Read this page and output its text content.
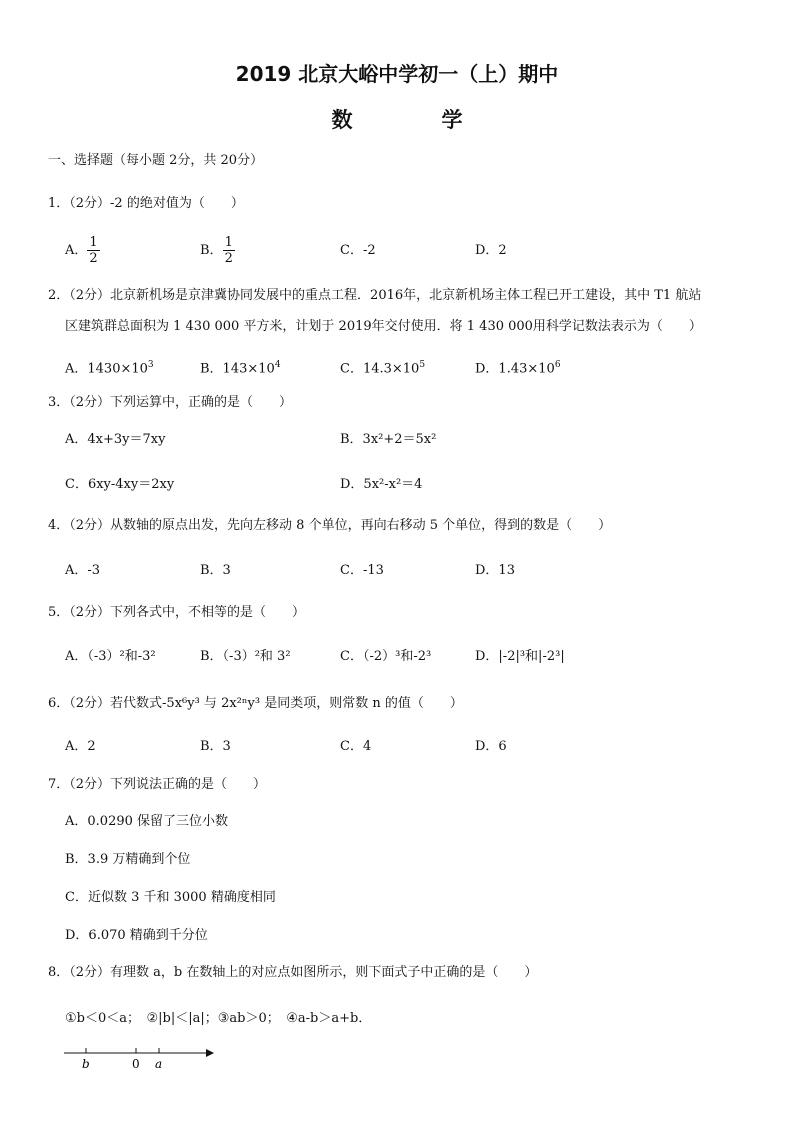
2019 北京大峪中学初一（上）期中
数　学
一、选择题（每小题 2分，共 20分）
1．（2分）-2 的绝对值为（　　）
A． $\frac{1}{2}$	B． $\frac{1}{2}$	C．-2	D．2
2．（2分）北京新机场是京津冀协同发展中的重点工程．2016年，北京新机场主体工程已开工建设，其中 T1 航站
区建筑群总面积为 1 430 000 平方米，计划于 2019年交付使用．将 1 430 000用科学记数法表示为（　　）
A．$1430\times 10^3$	B．$143\times 10^4$	C．$14.3\times 10^5$	D．$1.43\times 10^6$
3．（2分）下列运算中，正确的是（　　）
A．4x+3y＝7xy	B．3x²+2＝5x²
C．6xy-4xy＝2xy	D．5x²-x²＝4
4．（2分）从数轴的原点出发，先向左移动 8 个单位，再向右移动 5 个单位，得到的数是（　　）
A．-3	B．3	C．-13	D．13
5．（2分）下列各式中，不相等的是（　　）
A．（-3）²和-3²	B．（-3）²和 3²	C．（-2）³和-2³	D．|-2|³和|-2³|
6．（2分）若代数式-5x⁶y³ 与 2x²ⁿy³ 是同类项，则常数 n 的值（　　）
A．2	B．3	C．4	D．6
7．（2分）下列说法正确的是（　　）
A．0.0290 保留了三位小数
B．3.9 万精确到个位
C．近似数 3 千和 3000 精确度相同
D．6.070 精确到千分位
8．（2分）有理数 a，b 在数轴上的对应点如图所示，则下面式子中正确的是（　　）
①b＜0＜a；　②|b|＜|a|；③ab＞0；　④a-b＞a+b．
b	0 a
